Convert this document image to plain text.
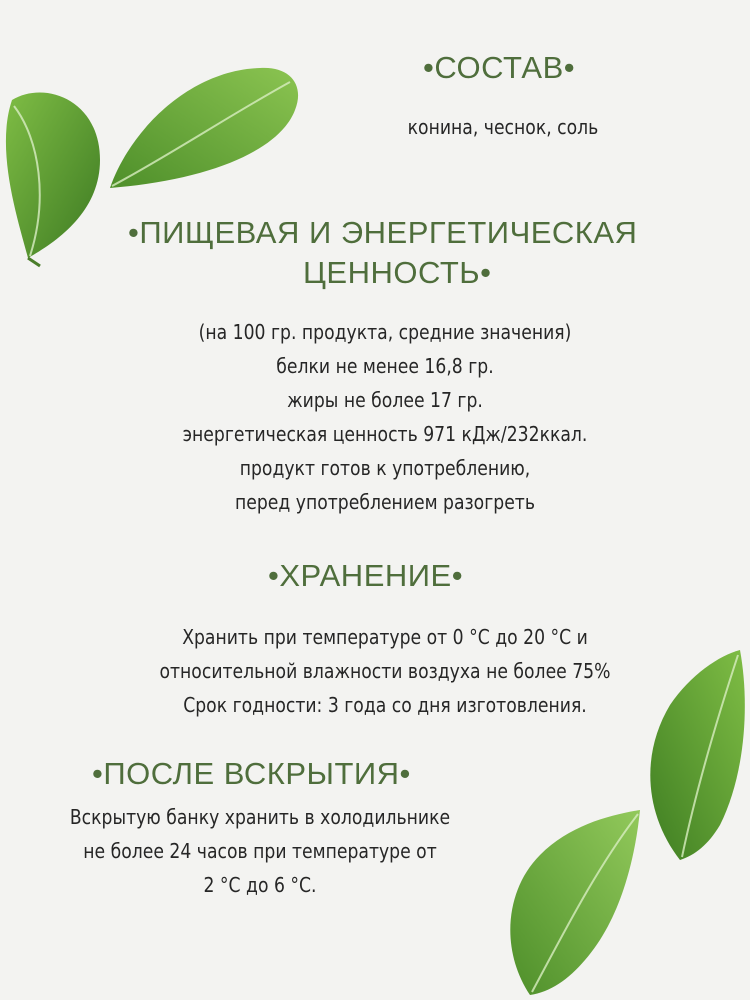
•СОСТАВ•

конина, чеснок, соль

•ПИЩЕВАЯ И ЭНЕРГЕТИЧЕСКАЯ
ЦЕННОСТЬ•
(на 100 гр. продукта, средние значения)
белки не менее 16,8 гр.
жиры не более 17 гр.
энергетическая ценность 971 кДж/232ккал.
продукт готов к употреблению,
перед употреблением разогреть
•ХРАНЕНИЕ•
Хранить при температуре от 0 °С до 20 °С и
относительной влажности воздуха не более 75%
Срок годности: 3 года со дня изготовления.
•ПОСЛЕ ВСКРЫТИЯ•
Вскрытую банку хранить в холодильнике
не более 24 часов при температуре от
2 °С до 6 °С.
